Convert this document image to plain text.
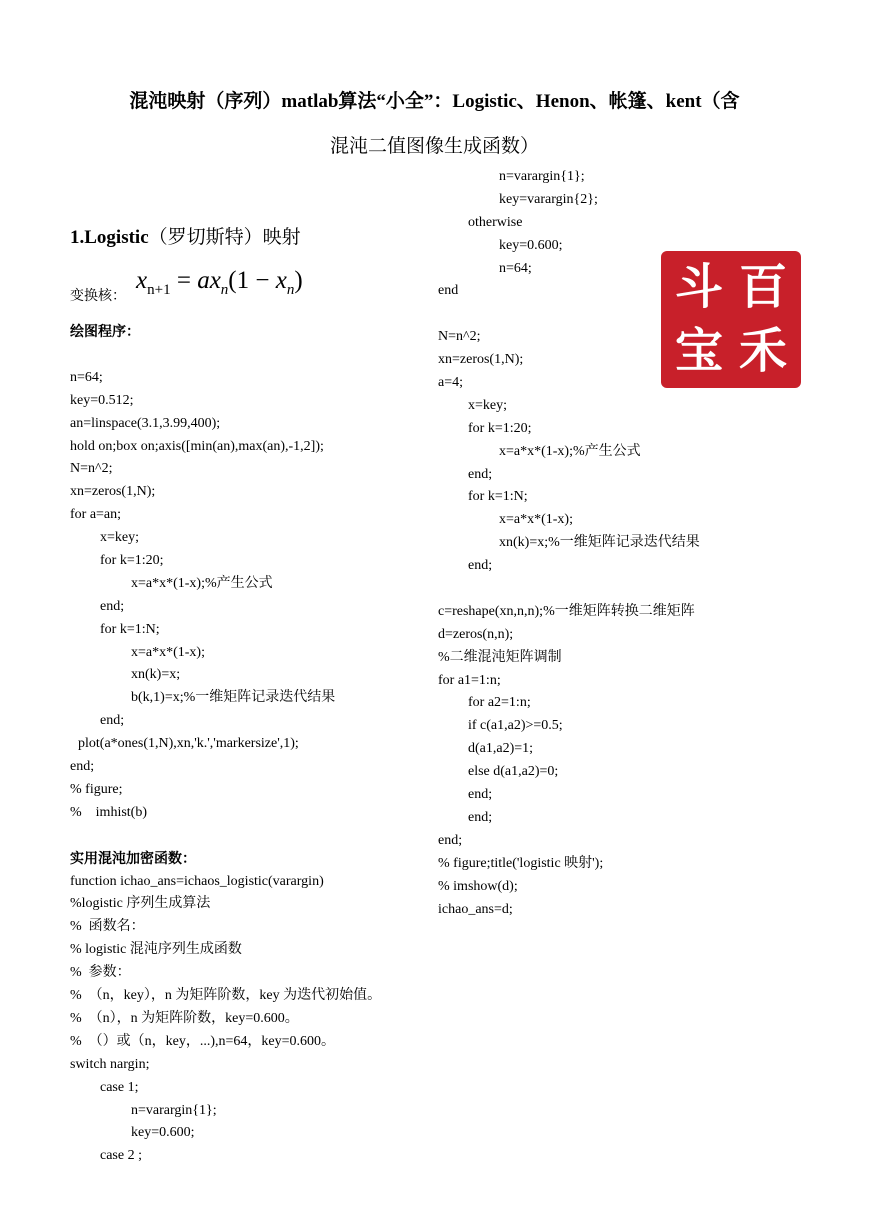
混沌映射（序列）matlab算法“小全”：Logistic、Henon、帐篷、kent（含
混沌二值图像生成函数）
1.Logistic（罗切斯特）映射
变换核：
$x_{n+1} = ax_n(1 - x_n)$
绘图程序：
n=64;
key=0.512;
an=linspace(3.1,3.99,400);
hold on;box on;axis([min(an),max(an),-1,2]);
N=n^2;
xn=zeros(1,N);
for a=an;
x=key;
for k=1:20;
x=a*x*(1-x);%产生公式
end;
for k=1:N;
x=a*x*(1-x);
xn(k)=x;
b(k,1)=x;%一维矩阵记录迭代结果
end;
plot(a*ones(1,N),xn,'k.','markersize',1);
end;
% figure;
%    imhist(b)
实用混沌加密函数：
function ichao_ans=ichaos_logistic(varargin)
%logistic 序列生成算法
%  函数名：
% logistic 混沌序列生成函数
%  参数：
%  （n，key），n 为矩阵阶数，key 为迭代初始值。
%  （n），n 为矩阵阶数，key=0.600。
%  （）或（n，key，...),n=64，key=0.600。
switch nargin;
case 1;
n=varargin{1};
key=0.600;
case 2 ;
n=varargin{1};
key=varargin{2};
otherwise
key=0.600;
n=64;
end
N=n^2;
xn=zeros(1,N);
a=4;
x=key;
for k=1:20;
x=a*x*(1-x);%产生公式
end;
for k=1:N;
x=a*x*(1-x);
xn(k)=x;%一维矩阵记录迭代结果
end;
c=reshape(xn,n,n);%一维矩阵转换二维矩阵
d=zeros(n,n);
%二维混沌矩阵调制
for a1=1:n;
for a2=1:n;
if c(a1,a2)>=0.5;
d(a1,a2)=1;
else d(a1,a2)=0;
end;
end;
end;
% figure;title('logistic 映射');
% imshow(d);
ichao_ans=d;
斗 百
宝 禾
